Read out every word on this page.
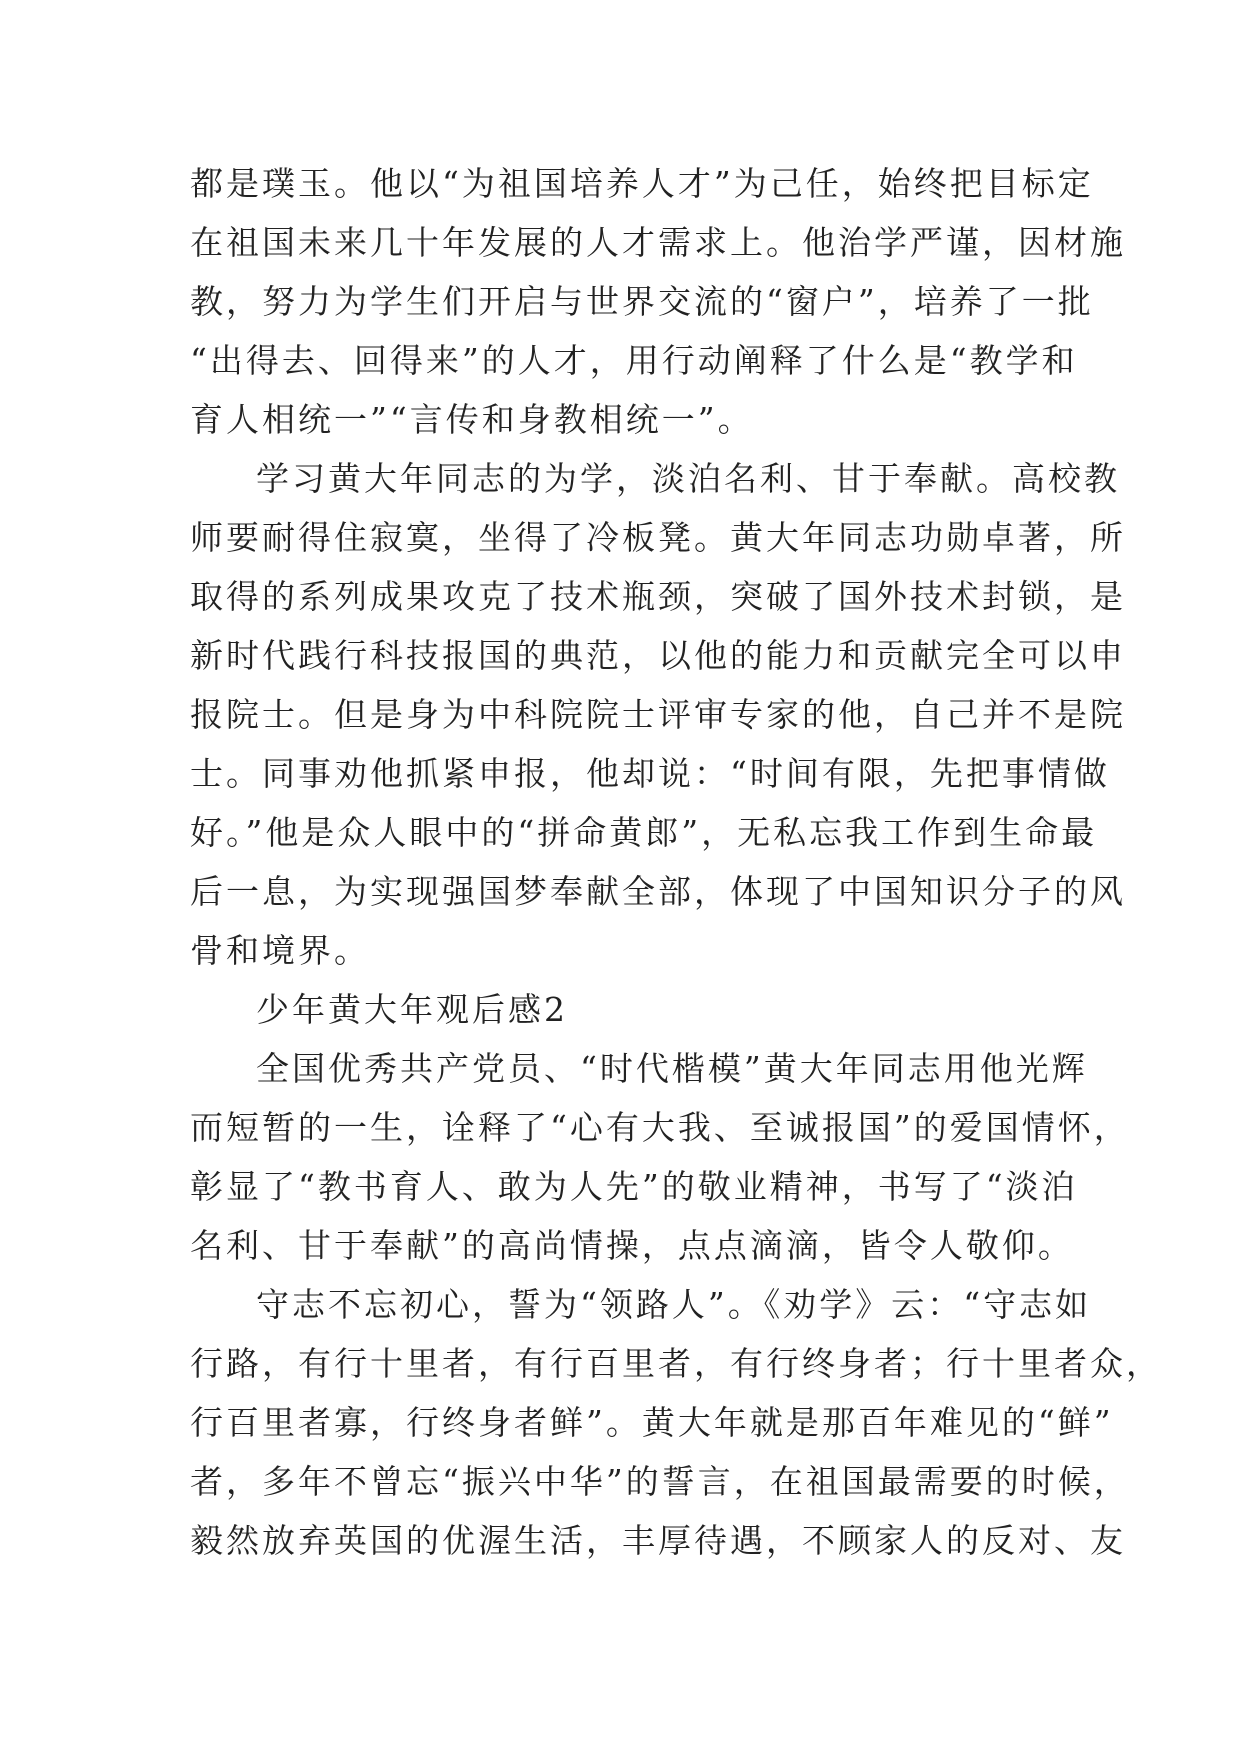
都是璞玉。他以“为祖国培养人才”为己任，始终把目标定
在祖国未来几十年发展的人才需求上。他治学严谨，因材施
教，努力为学生们开启与世界交流的“窗户”，培养了一批
“出得去、回得来”的人才，用行动阐释了什么是“教学和
育人相统一”“言传和身教相统一”。
学习黄大年同志的为学，淡泊名利、甘于奉献。高校教
师要耐得住寂寞，坐得了冷板凳。黄大年同志功勋卓著，所
取得的系列成果攻克了技术瓶颈，突破了国外技术封锁，是
新时代践行科技报国的典范，以他的能力和贡献完全可以申
报院士。但是身为中科院院士评审专家的他，自己并不是院
士。同事劝他抓紧申报，他却说：“时间有限，先把事情做
好。”他是众人眼中的“拼命黄郎”，无私忘我工作到生命最
后一息，为实现强国梦奉献全部，体现了中国知识分子的风
骨和境界。
少年黄大年观后感2
全国优秀共产党员、“时代楷模”黄大年同志用他光辉
而短暂的一生，诠释了“心有大我、至诚报国”的爱国情怀，
彰显了“教书育人、敢为人先”的敬业精神，书写了“淡泊
名利、甘于奉献”的高尚情操，点点滴滴，皆令人敬仰。
守志不忘初心，誓为“领路人”。《劝学》云：“守志如
行路，有行十里者，有行百里者，有行终身者；行十里者众，
行百里者寡，行终身者鲜”。黄大年就是那百年难见的“鲜”
者，多年不曾忘“振兴中华”的誓言，在祖国最需要的时候，
毅然放弃英国的优渥生活，丰厚待遇，不顾家人的反对、友
